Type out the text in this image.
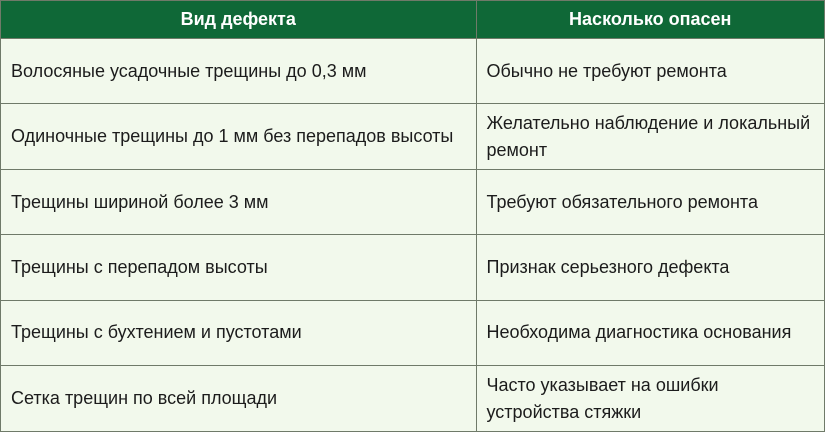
Вид дефекта	Насколько опасен
Волосяные усадочные трещины до 0,3 мм	Обычно не требуют ремонта
Одиночные трещины до 1 мм без перепадов высоты	Желательно наблюдение и локальный ремонт
Трещины шириной более 3 мм	Требуют обязательного ремонта
Трещины с перепадом высоты	Признак серьезного дефекта
Трещины с бухтением и пустотами	Необходима диагностика основания
Сетка трещин по всей площади	Часто указывает на ошибки устройства стяжки
